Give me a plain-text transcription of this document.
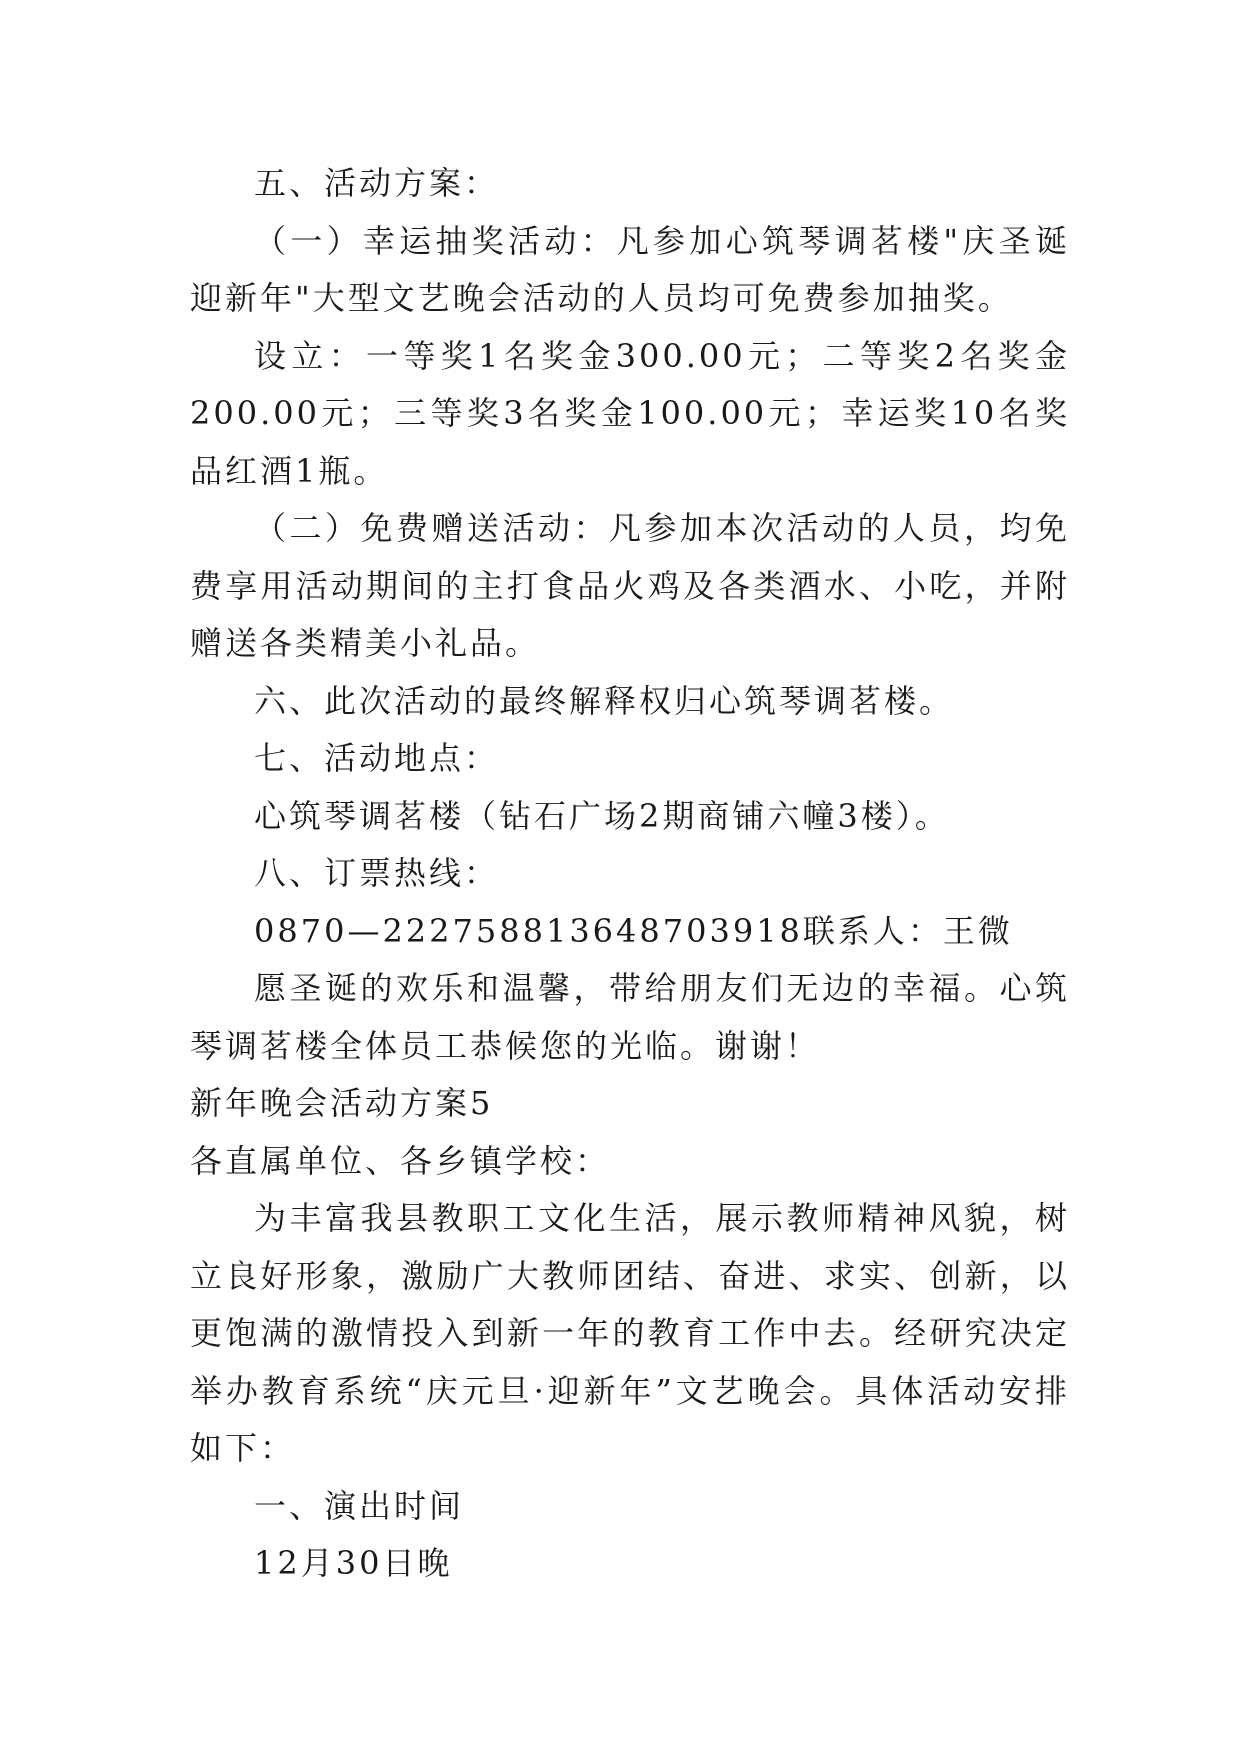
五、活动方案：

（一）幸运抽奖活动：凡参加心筑琴调茗楼"庆圣诞迎新年"大型文艺晚会活动的人员均可免费参加抽奖。

设立：一等奖1名奖金300.00元；二等奖2名奖金200.00元；三等奖3名奖金100.00元；幸运奖10名奖品红酒1瓶。

（二）免费赠送活动：凡参加本次活动的人员，均免费享用活动期间的主打食品火鸡及各类酒水、小吃，并附赠送各类精美小礼品。

六、此次活动的最终解释权归心筑琴调茗楼。

七、活动地点：

心筑琴调茗楼（钻石广场2期商铺六幢3楼）。

八、订票热线：

0870—222758813648703918联系人：王微

愿圣诞的欢乐和温馨，带给朋友们无边的幸福。心筑琴调茗楼全体员工恭候您的光临。谢谢！

新年晚会活动方案5

各直属单位、各乡镇学校：

为丰富我县教职工文化生活，展示教师精神风貌，树立良好形象，激励广大教师团结、奋进、求实、创新，以更饱满的激情投入到新一年的教育工作中去。经研究决定举办教育系统“庆元旦·迎新年”文艺晚会。具体活动安排如下：

一、演出时间

12月30日晚
